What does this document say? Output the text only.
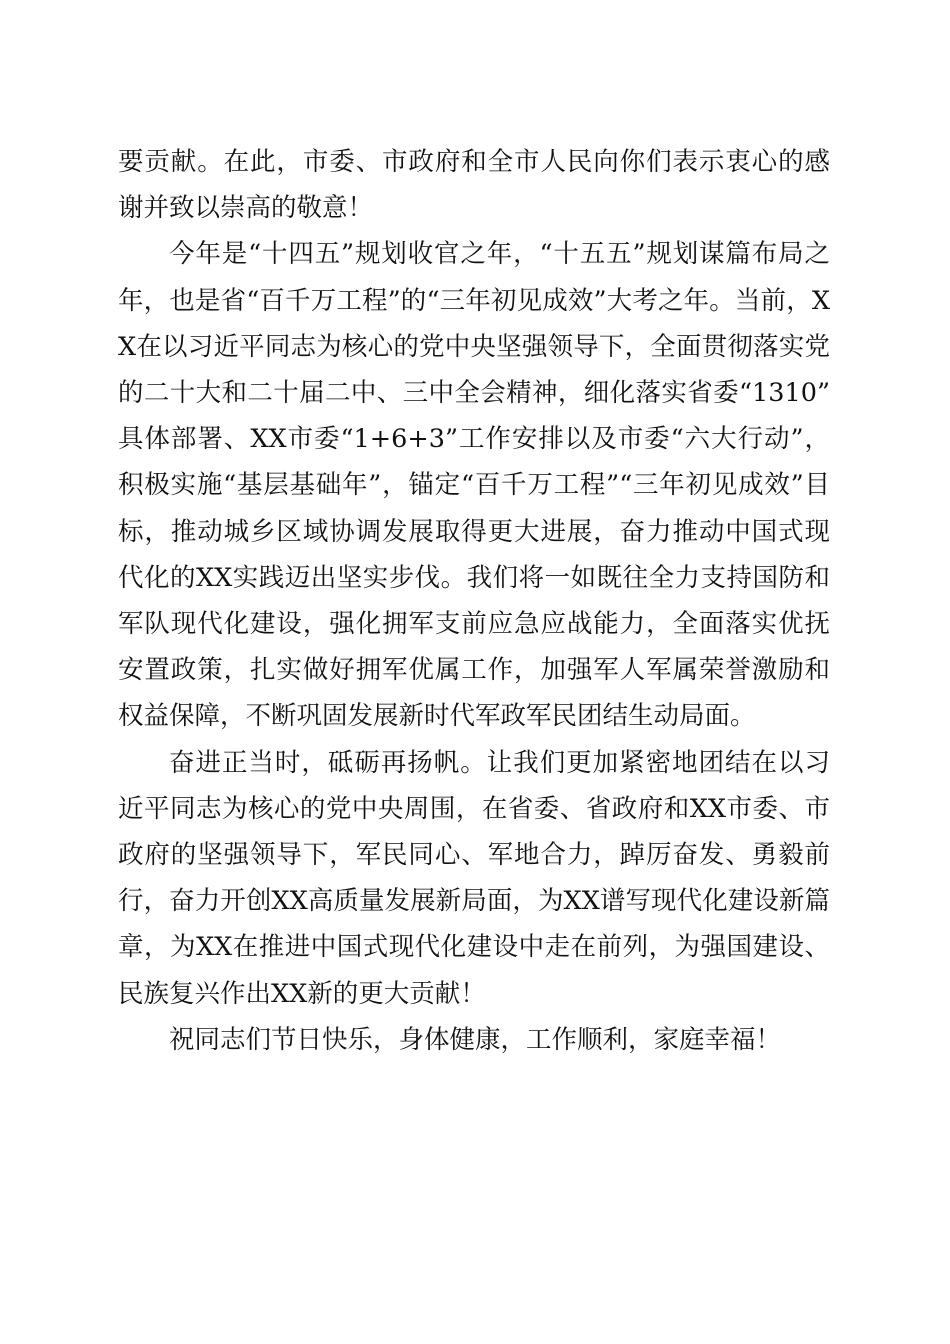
要贡献。在此，市委、市政府和全市人民向你们表示衷心的感谢并致以崇高的敬意！

今年是“十四五”规划收官之年，“十五五”规划谋篇布局之年，也是省“百千万工程”的“三年初见成效”大考之年。当前，XX在以习近平同志为核心的党中央坚强领导下，全面贯彻落实党的二十大和二十届二中、三中全会精神，细化落实省委“1310”具体部署、XX市委“1+6+3”工作安排以及市委“六大行动”，积极实施“基层基础年”，锚定“百千万工程”“三年初见成效”目标，推动城乡区域协调发展取得更大进展，奋力推动中国式现代化的XX实践迈出坚实步伐。我们将一如既往全力支持国防和军队现代化建设，强化拥军支前应急应战能力，全面落实优抚安置政策，扎实做好拥军优属工作，加强军人军属荣誉激励和权益保障，不断巩固发展新时代军政军民团结生动局面。

奋进正当时，砥砺再扬帆。让我们更加紧密地团结在以习近平同志为核心的党中央周围，在省委、省政府和XX市委、市政府的坚强领导下，军民同心、军地合力，踔厉奋发、勇毅前行，奋力开创XX高质量发展新局面，为XX谱写现代化建设新篇章，为XX在推进中国式现代化建设中走在前列，为强国建设、民族复兴作出XX新的更大贡献！

祝同志们节日快乐，身体健康，工作顺利，家庭幸福！
